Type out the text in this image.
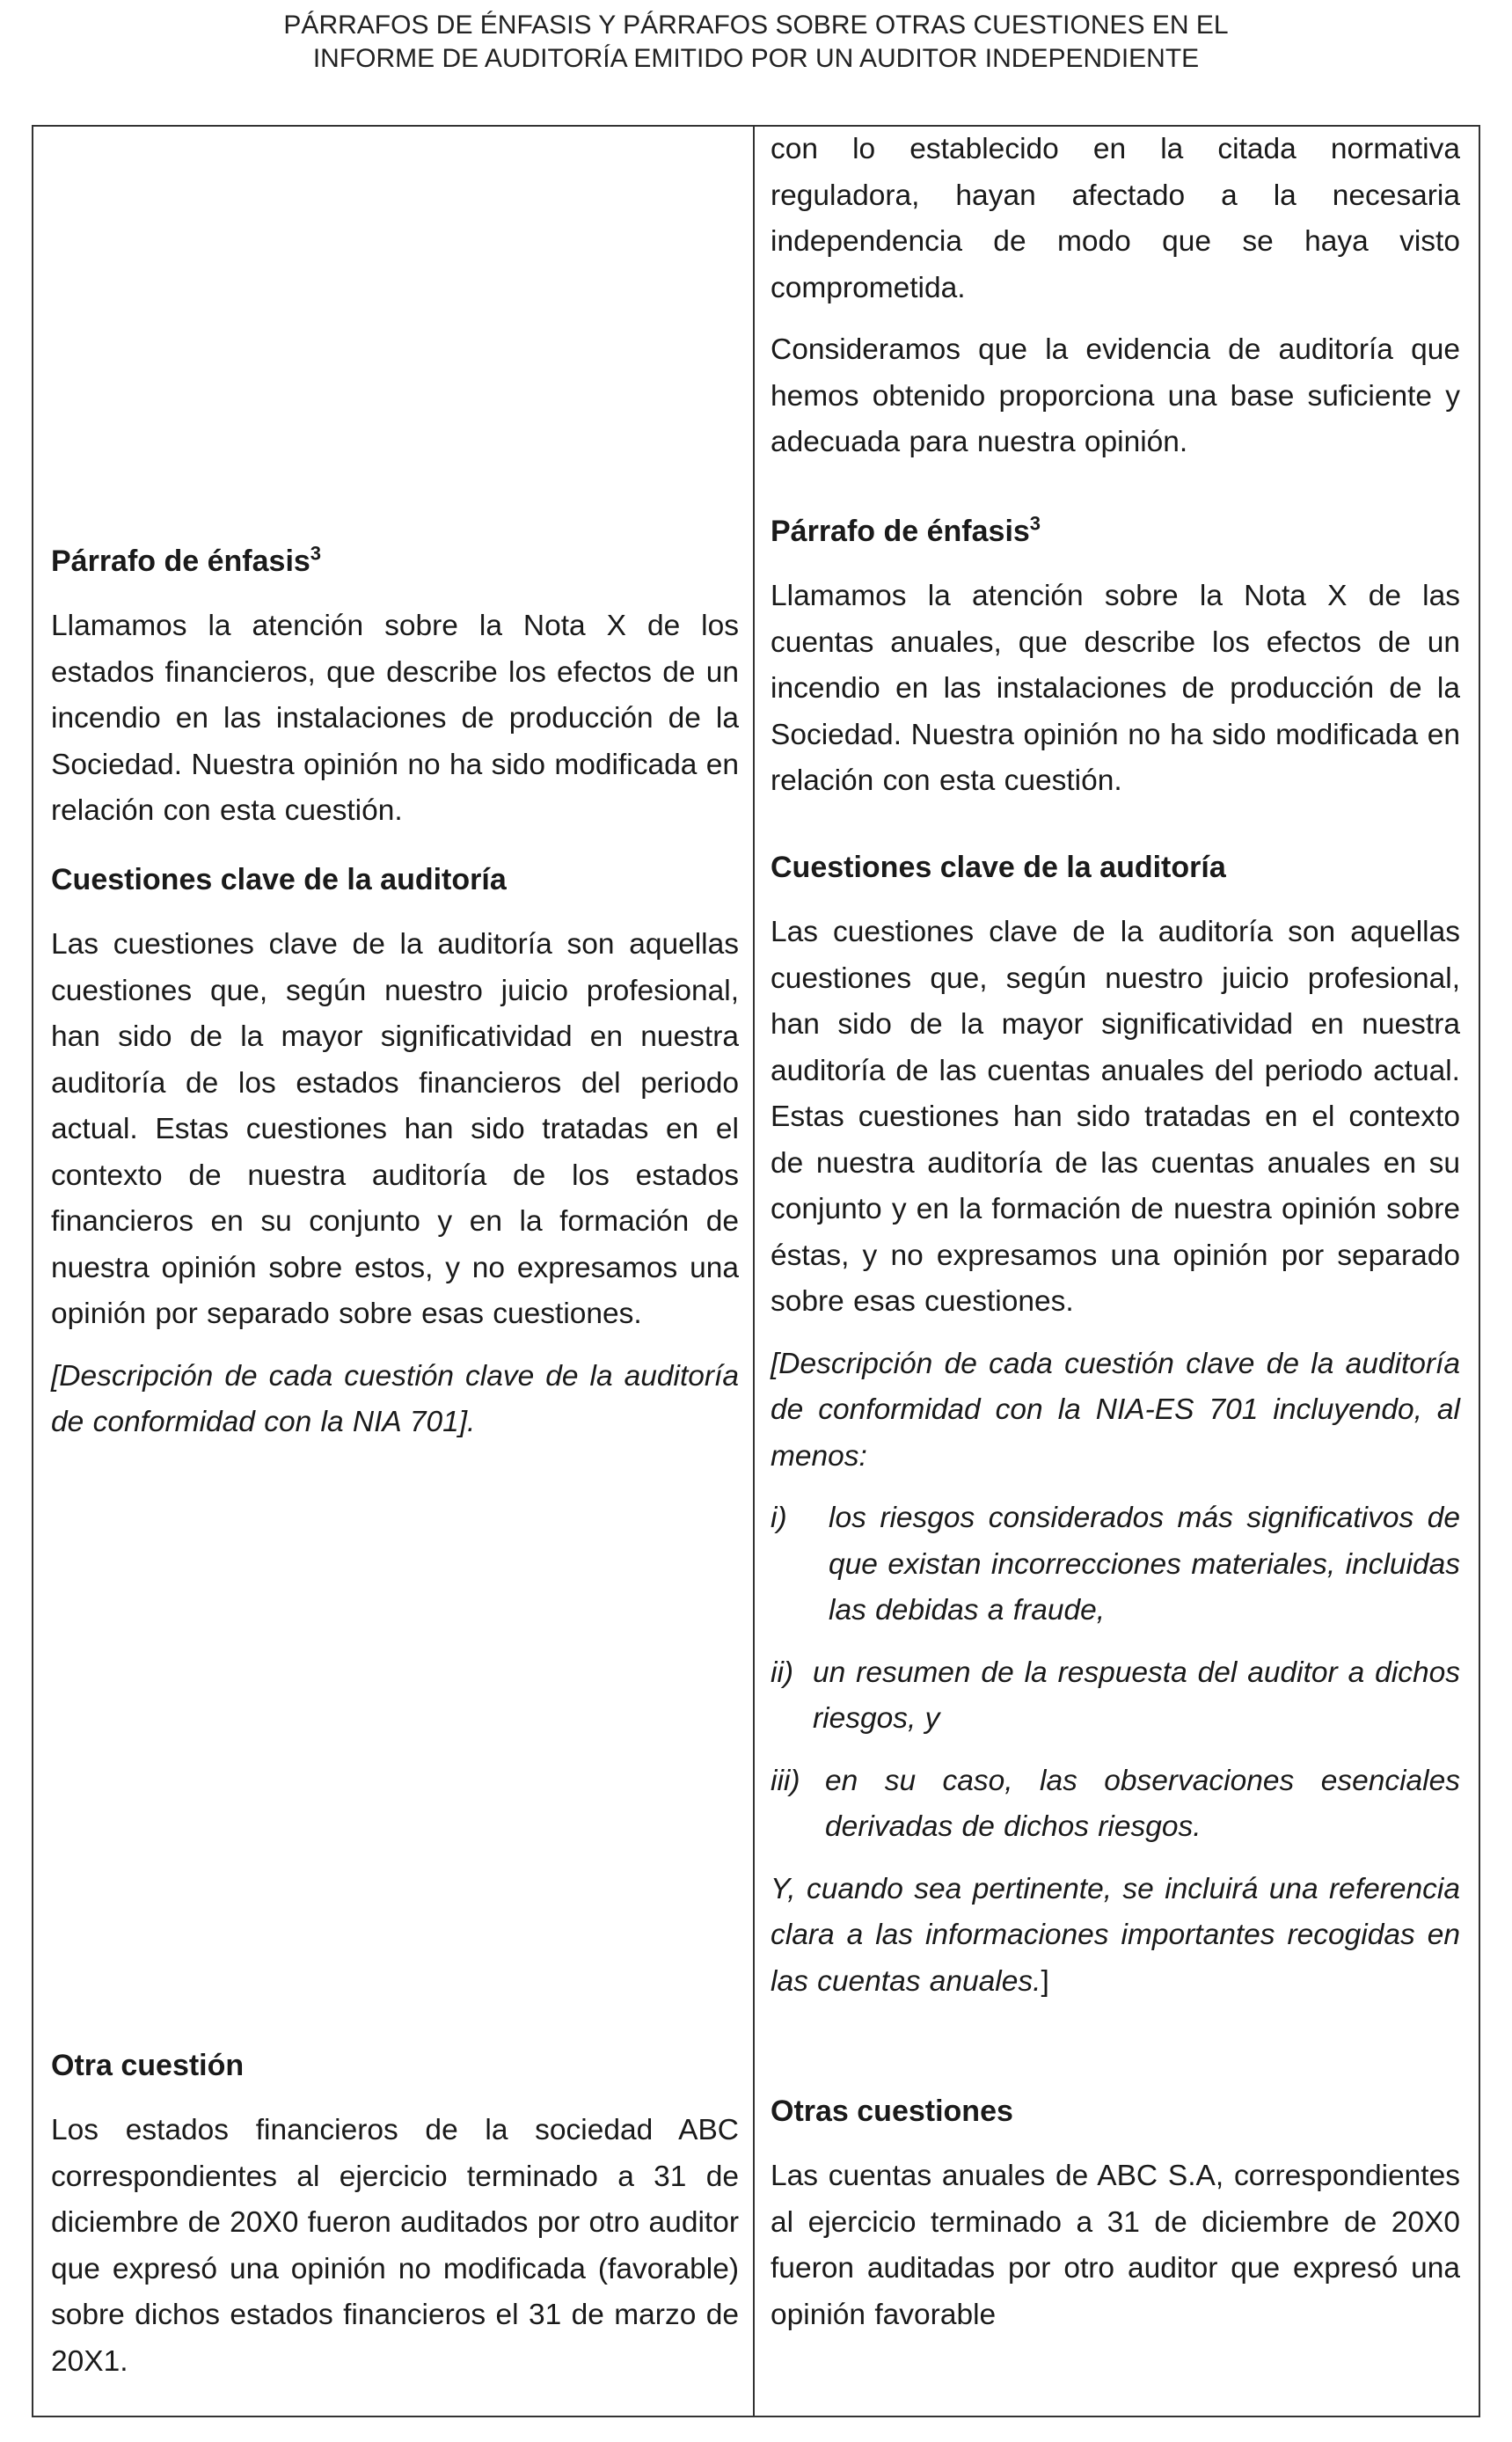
PÁRRAFOS DE ÉNFASIS Y PÁRRAFOS SOBRE OTRAS CUESTIONES EN EL
INFORME DE AUDITORÍA EMITIDO POR UN AUDITOR INDEPENDIENTE

Párrafo de énfasis$^3$

Llamamos la atención sobre la Nota X de los estados financieros, que describe los efectos de un incendio en las instalaciones de producción de la Sociedad. Nuestra opinión no ha sido modificada en relación con esta cuestión.

Cuestiones clave de la auditoría

Las cuestiones clave de la auditoría son aquellas cuestiones que, según nuestro juicio profesional, han sido de la mayor significatividad en nuestra auditoría de los estados financieros del periodo actual. Estas cuestiones han sido tratadas en el contexto de nuestra auditoría de los estados financieros en su conjunto y en la formación de nuestra opinión sobre estos, y no expresamos una opinión por separado sobre esas cuestiones.

[Descripción de cada cuestión clave de la auditoría de conformidad con la NIA 701].

Otra cuestión

Los estados financieros de la sociedad ABC correspondientes al ejercicio terminado a 31 de diciembre de 20X0 fueron auditados por otro auditor que expresó una opinión no modificada (favorable) sobre dichos estados financieros el 31 de marzo de 20X1.

con lo establecido en la citada normativa reguladora, hayan afectado a la necesaria independencia de modo que se haya visto comprometida.

Consideramos que la evidencia de auditoría que hemos obtenido proporciona una base suficiente y adecuada para nuestra opinión.

Párrafo de énfasis$^3$

Llamamos la atención sobre la Nota X de las cuentas anuales, que describe los efectos de un incendio en las instalaciones de producción de la Sociedad. Nuestra opinión no ha sido modificada en relación con esta cuestión.

Cuestiones clave de la auditoría

Las cuestiones clave de la auditoría son aquellas cuestiones que, según nuestro juicio profesional, han sido de la mayor significatividad en nuestra auditoría de las cuentas anuales del periodo actual. Estas cuestiones han sido tratadas en el contexto de nuestra auditoría de las cuentas anuales en su conjunto y en la formación de nuestra opinión sobre éstas, y no expresamos una opinión por separado sobre esas cuestiones.

[Descripción de cada cuestión clave de la auditoría de conformidad con la NIA-ES 701 incluyendo, al menos:

i)	los riesgos considerados más significativos de que existan incorrecciones materiales, incluidas las debidas a fraude,
ii) un resumen de la respuesta del auditor a dichos riesgos, y
iii) en su caso, las observaciones esenciales derivadas de dichos riesgos.

Y, cuando sea pertinente, se incluirá una referencia clara a las informaciones importantes recogidas en las cuentas anuales.]

Otras cuestiones

Las cuentas anuales de ABC S.A, correspondientes al ejercicio terminado a 31 de diciembre de 20X0 fueron auditadas por otro auditor que expresó una opinión favorable
